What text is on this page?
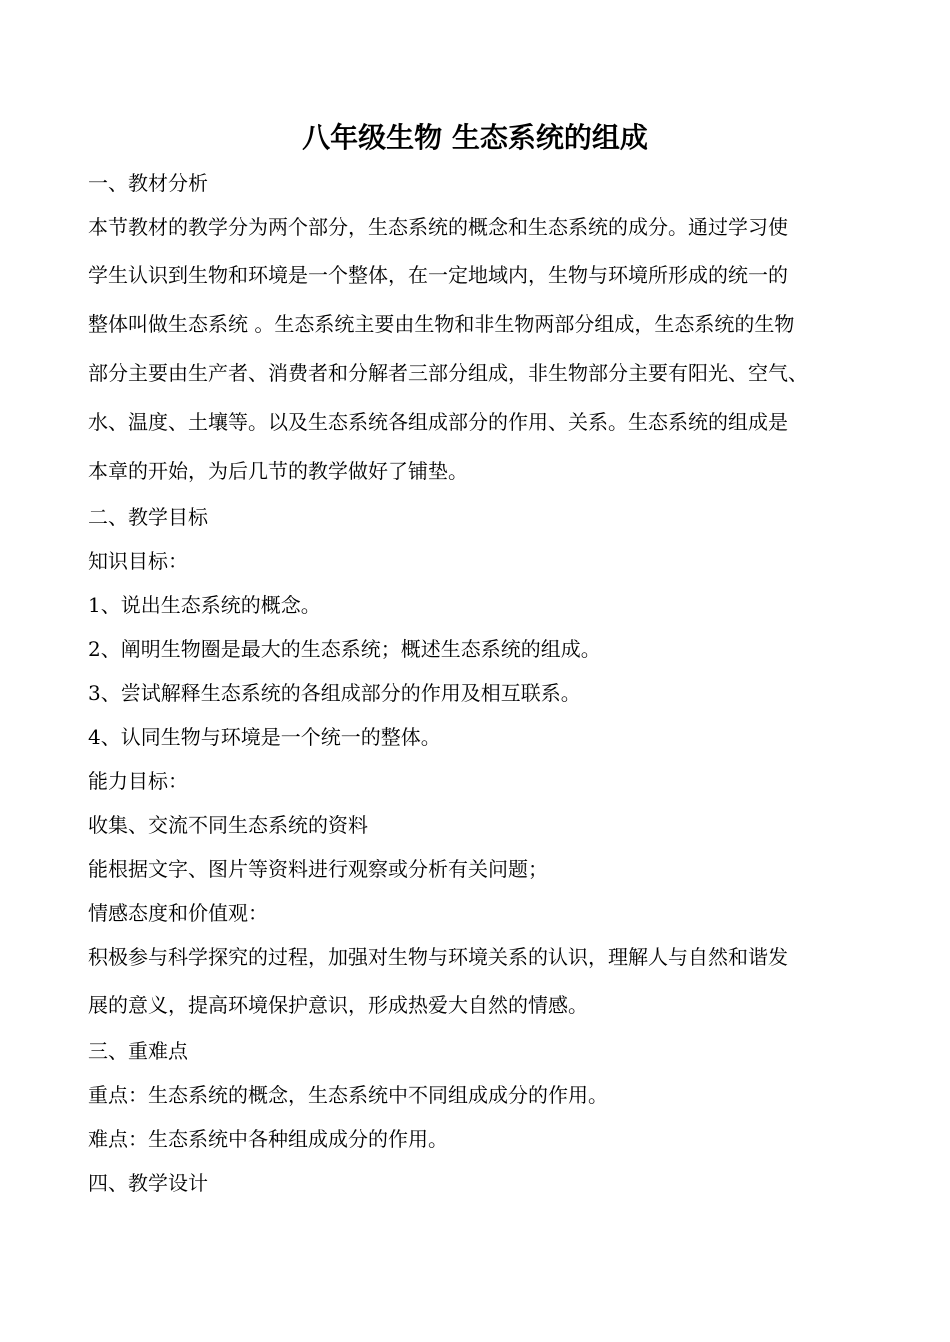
八年级生物 生态系统的组成
一、教材分析
本节教材的教学分为两个部分，生态系统的概念和生态系统的成分。通过学习使
学生认识到生物和环境是一个整体，在一定地域内，生物与环境所形成的统一的
整体叫做生态系统 。生态系统主要由生物和非生物两部分组成，生态系统的生物
部分主要由生产者、消费者和分解者三部分组成，非生物部分主要有阳光、空气、
水、温度、土壤等。以及生态系统各组成部分的作用、关系。生态系统的组成是
本章的开始，为后几节的教学做好了铺垫。
二、教学目标
知识目标：
1、说出生态系统的概念。
2、阐明生物圈是最大的生态系统；概述生态系统的组成。
3、尝试解释生态系统的各组成部分的作用及相互联系。
4、认同生物与环境是一个统一的整体。
能力目标：
收集、交流不同生态系统的资料
能根据文字、图片等资料进行观察或分析有关问题；
情感态度和价值观：
积极参与科学探究的过程，加强对生物与环境关系的认识，理解人与自然和谐发
展的意义，提高环境保护意识，形成热爱大自然的情感。
三、重难点
重点：生态系统的概念，生态系统中不同组成成分的作用。
难点：生态系统中各种组成成分的作用。
四、教学设计
